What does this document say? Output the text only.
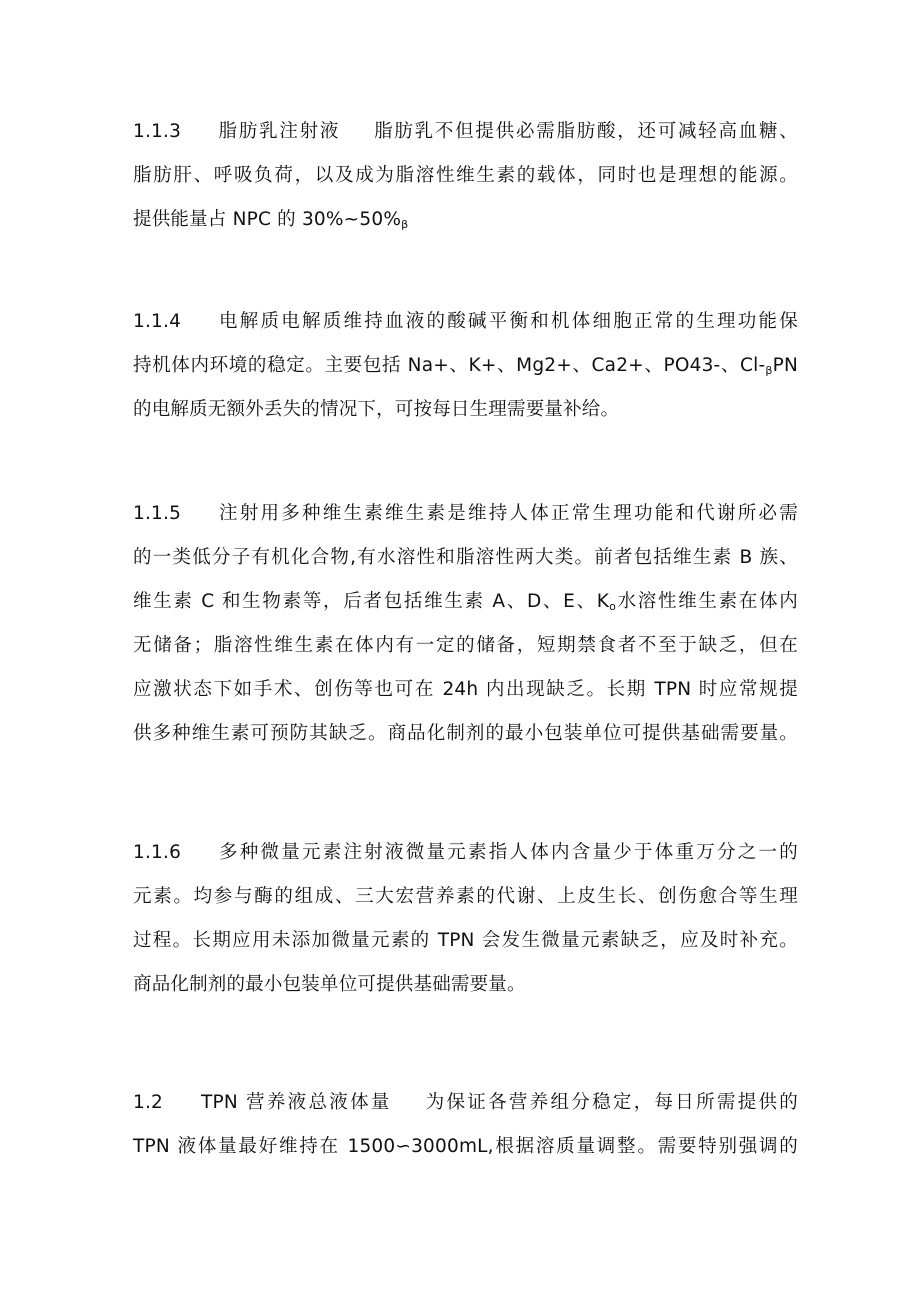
1.1.3 脂肪乳注射液 脂肪乳不但提供必需脂肪酸，还可减轻高血糖、
脂肪肝、呼吸负荷，以及成为脂溶性维生素的载体，同时也是理想的能源。
提供能量占 NPC 的 $30\%\sim 50\%_\beta$
1.1.4 电解质电解质维持血液的酸碱平衡和机体细胞正常的生理功能保
持机体内环境的稳定。主要包括 Na+、K+、Mg2+、Ca2+、PO43-、$Cl-_\beta PN$
的电解质无额外丢失的情况下，可按每日生理需要量补给。
1.1.5 注射用多种维生素维生素是维持人体正常生理功能和代谢所必需
的一类低分子有机化合物,有水溶性和脂溶性两大类。前者包括维生素 B 族、
维生素 C 和生物素等，后者包括维生素 A、D、E、$K_o$水溶性维生素在体内
无储备；脂溶性维生素在体内有一定的储备，短期禁食者不至于缺乏，但在
应激状态下如手术、创伤等也可在 24h 内出现缺乏。长期 TPN 时应常规提
供多种维生素可预防其缺乏。商品化制剂的最小包装单位可提供基础需要量。
1.1.6 多种微量元素注射液微量元素指人体内含量少于体重万分之一的
元素。均参与酶的组成、三大宏营养素的代谢、上皮生长、创伤愈合等生理
过程。长期应用未添加微量元素的 TPN 会发生微量元素缺乏，应及时补充。
商品化制剂的最小包装单位可提供基础需要量。
1.2 TPN 营养液总液体量 为保证各营养组分稳定，每日所需提供的
TPN 液体量最好维持在 1500∽3000mL,根据溶质量调整。需要特别强调的
